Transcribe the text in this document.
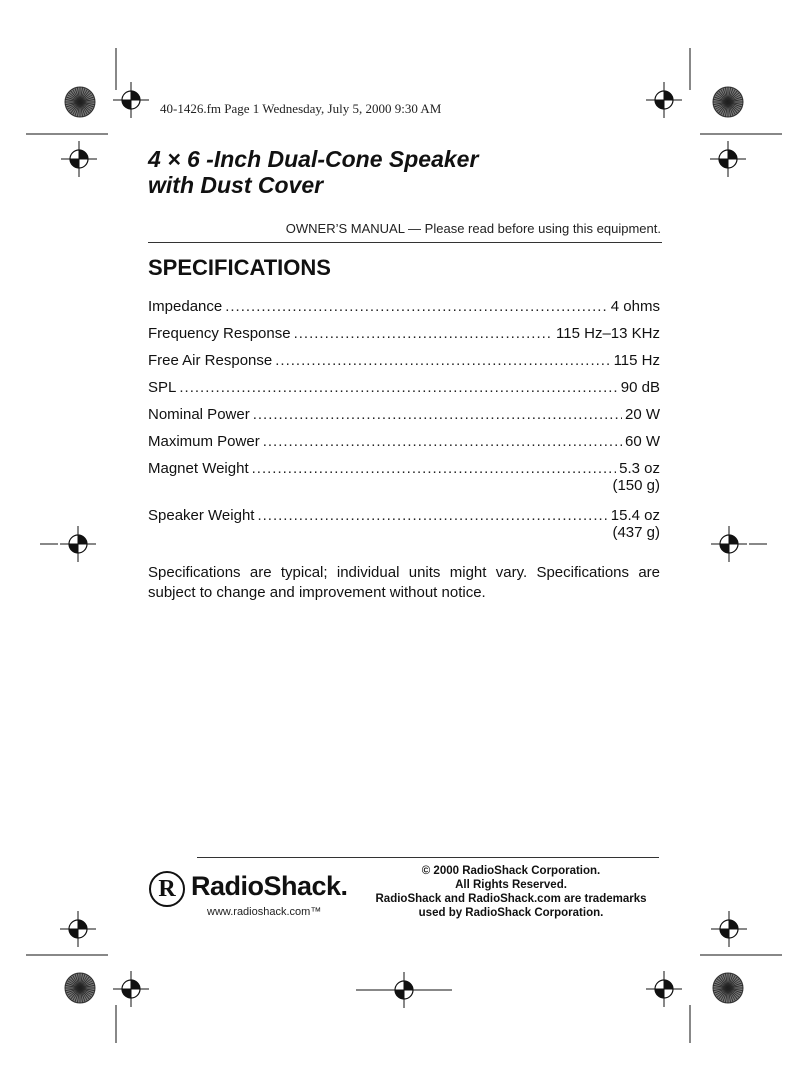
40-1426.fm Page 1 Wednesday, July 5, 2000 9:30 AM
4 × 6 -Inch Dual-Cone Speaker
with Dust Cover
OWNER’S MANUAL — Please read before using this equipment.
SPECIFICATIONS
Impedance .....	4 ohms
Frequency Response .....	115 Hz–13 KHz
Free Air Response .....	115 Hz
SPL .....	90 dB
Nominal Power .....	20 W
Maximum Power .....	60 W
Magnet Weight .....	5.3 oz
(150 g)
Speaker Weight .....	15.4 oz
(437 g)
Specifications are typical; individual units might vary. Specifications are subject to change and improvement without notice.
R RadioShack.
www.radioshack.com™
© 2000 RadioShack Corporation.
All Rights Reserved.
RadioShack and RadioShack.com are trademarks
used by RadioShack Corporation.
